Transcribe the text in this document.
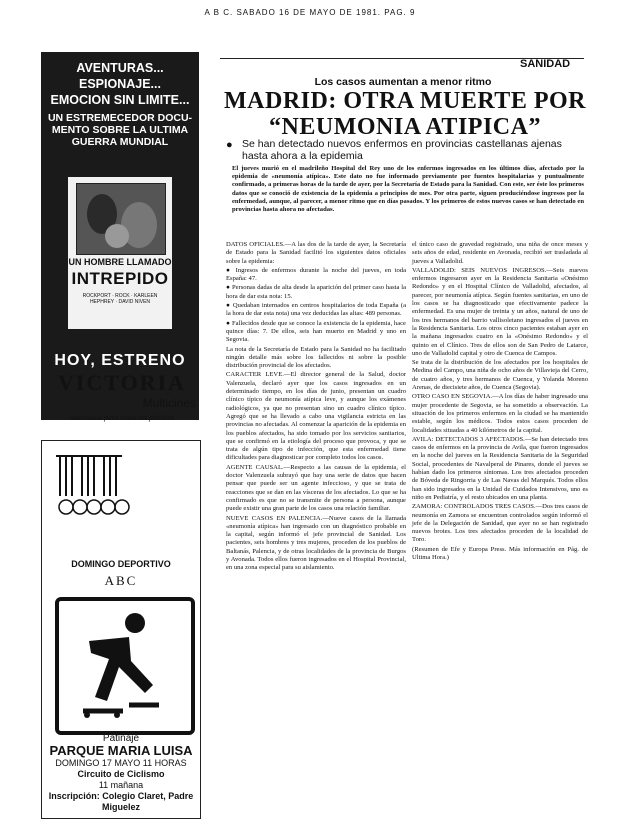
A B C. SABADO 16 DE MAYO DE 1981. PAG. 9
SANIDAD
AVENTURAS...
ESPIONAJE...
EMOCION SIN LIMITE...
UN ESTREMECEDOR DOCU-
MENTO SOBRE LA ULTIMA
GUERRA MUNDIAL
UN HOMBRE LLAMADO
INTREPIDO
ROCKPORT · ROCK · KARLEEN HEPHREY · DAVID NIVEN
HOY, ESTRENO
VICTORIA
Multicines
autorizada para todos los públicos
DOMINGO DEPORTIVO
ABC
Patinaje
PARQUE MARIA LUISA
DOMINGO 17 MAYO 11 HORAS
Circuito de Ciclismo
11 mañana
Inscripción: Colegio Claret, Padre Miguelez
Los casos aumentan a menor ritmo
MADRID: OTRA MUERTE POR
“NEUMONIA ATIPICA”
● Se han detectado nuevos enfermos en provincias castellanas ajenas hasta ahora a la epidemia
El jueves murió en el madrileño Hospital del Rey uno de los enfermos ingresados en los últimos días, afectado por la epidemia de «neumonía atípica». Este dato no fue informado previamente por fuentes hospitalarias y puntualmente confirmado, a primeras horas de la tarde de ayer, por la Secretaría de Estado para la Sanidad. Con este, ser éste los primeros datos que se conoció de existencia de la epidemia a principios de mes. Por otra parte, siguen produciéndose ingresos por la enfermedad, aunque, al parecer, a menor ritmo que en días pasados. Y los primeros de estos nuevos casos se han detectado en provincias hasta ahora no afectadas.

DATOS OFICIALES.—A las dos de la tarde de ayer, la Secretaría de Estado para la Sanidad facilitó los siguientes datos oficiales sobre la epidemia:

● Ingresos de enfermos durante la noche del jueves, en toda España: 47.

● Personas dadas de alta desde la aparición del primer caso hasta la hora de dar esta nota: 15.

● Quedaban internados en centros hospitalarios de toda España (a la hora de dar esta nota) una vez deducidas las altas: 489 personas.

● Fallecidos desde que se conoce la existencia de la epidemia, hace quince días: 7. De ellos, seis han muerto en Madrid y uno en Segovia.

La nota de la Secretaría de Estado para la Sanidad no ha facilitado ningún detalle más sobre los fallecidos ni sobre la posible distribución provincial de los afectados.

CARACTER LEVE.—El director general de la Salud, doctor Valenzuela, declaró ayer que los casos ingresados en un determinado tiempo, en los días de junio, presentan un cuadro clínico típico de neumonía atípica leve, y aunque los exámenes radiológicos, ya que no presentan sino un cuadro clínico típico. Agregó que se ha llevado a cabo una vigilancia estricta en las provincias no afectadas. Al comenzar la aparición de la epidemia en los pueblos afectados, ha sido tomado por los servicios sanitarios, que se confirmó en la etiología del proceso que provoca, y que se trata de algún tipo de infección, que esta enfermedad tiene dificultades para diagnosticar por completo todos los casos.

AGENTE CAUSAL.—Respecto a las causas de la epidemia, el doctor Valenzuela subrayó que hay una serie de datos que hacen pensar que puede ser un agente infeccioso, y que se trata de reacciones que se dan en las vísceras de los afectados. Lo que se ha confirmado es que no se transmite de persona a persona, aunque puede existir una gran parte de los casos una relación familiar.

NUEVE CASOS EN PALENCIA.—Nueve casos de la llamada «neumonía atípica» han ingresado con un diagnóstico probable en la capital, según informó el jefe provincial de Sanidad. Los pacientes, seis hombres y tres mujeres, proceden de los pueblos de Baltanás, Palencia, y de otras localidades de la provincia de Burgos y Avonada. Todos ellos fueron ingresados en el Hospital Provincial, en una zona especial para su aislamiento.

el único caso de gravedad registrado, una niña de once meses y seis años de edad, residente en Avonada, recibió ser trasladada al jueves a Valladolid.

VALLADOLID: SEIS NUEVOS INGRESOS.—Seis nuevos enfermos ingresaron ayer en la Residencia Sanitaria «Onésimo Redondo» y en el Hospital Clínico de Valladolid, afectados, al parecer, por neumonía atípica. Según fuentes sanitarias, en uno de los casos se ha diagnosticado que efectivamente padece la enfermedad. Es una mujer de treinta y un años, natural de uno de los tres hermanos del barrio vallisoletano ingresados el jueves en la Residencia Sanitaria. Los otros cinco pacientes estaban ayer en la mañana ingresados cuatro en la «Onésimo Redondo» y el quinto en el Clínico. Tres de ellos son de San Pedro de Latarce, uno de Valladolid capital y otro de Cuenca de Campos.

Se trata de la distribución de los afectados por los hospitales de Medina del Campo, una niña de ocho años de Villavieja del Cerro, de cuatro años, y tres hermanos de Cuenca, y Yolanda Moreno Arenas, de diecisiete años, de Cuenca (Segovia).

OTRO CASO EN SEGOVIA.—A los días de haber ingresado una mujer procedente de Segovia, se ha sometido a observación. La situación de los primeros enfermos en la ciudad se ha mantenido estable, según los médicos. Todos estos casos proceden de localidades situadas a 40 kilómetros de la capital.

AVILA: DETECTADOS 3 AFECTADOS.—Se han detectado tres casos de enfermos en la provincia de Avila, que fueron ingresados en la noche del jueves en la Residencia Sanitaria de la Seguridad Social, procedentes de Navalperal de Pinares, donde el jueves se habían dado los primeros síntomas. Los tres afectados proceden de Bóveda de Ringorria y de Las Navas del Marqués. Todos ellos han sido ingresados en la Unidad de Cuidados Intensivos, uno es niño en Pediatría, y el resto ubicados en una planta.

ZAMORA: CONTROLADOS TRES CASOS.—Dos tres casos de neumonía en Zamora se encuentran controlados según informó el jefe de la Delegación de Sanidad, que ayer no se han registrado nuevos brotes. Los tres afectados proceden de la localidad de Toro.

(Resumen de Efe y Europa Press. Más información en Pág. de Ultima Hora.)
